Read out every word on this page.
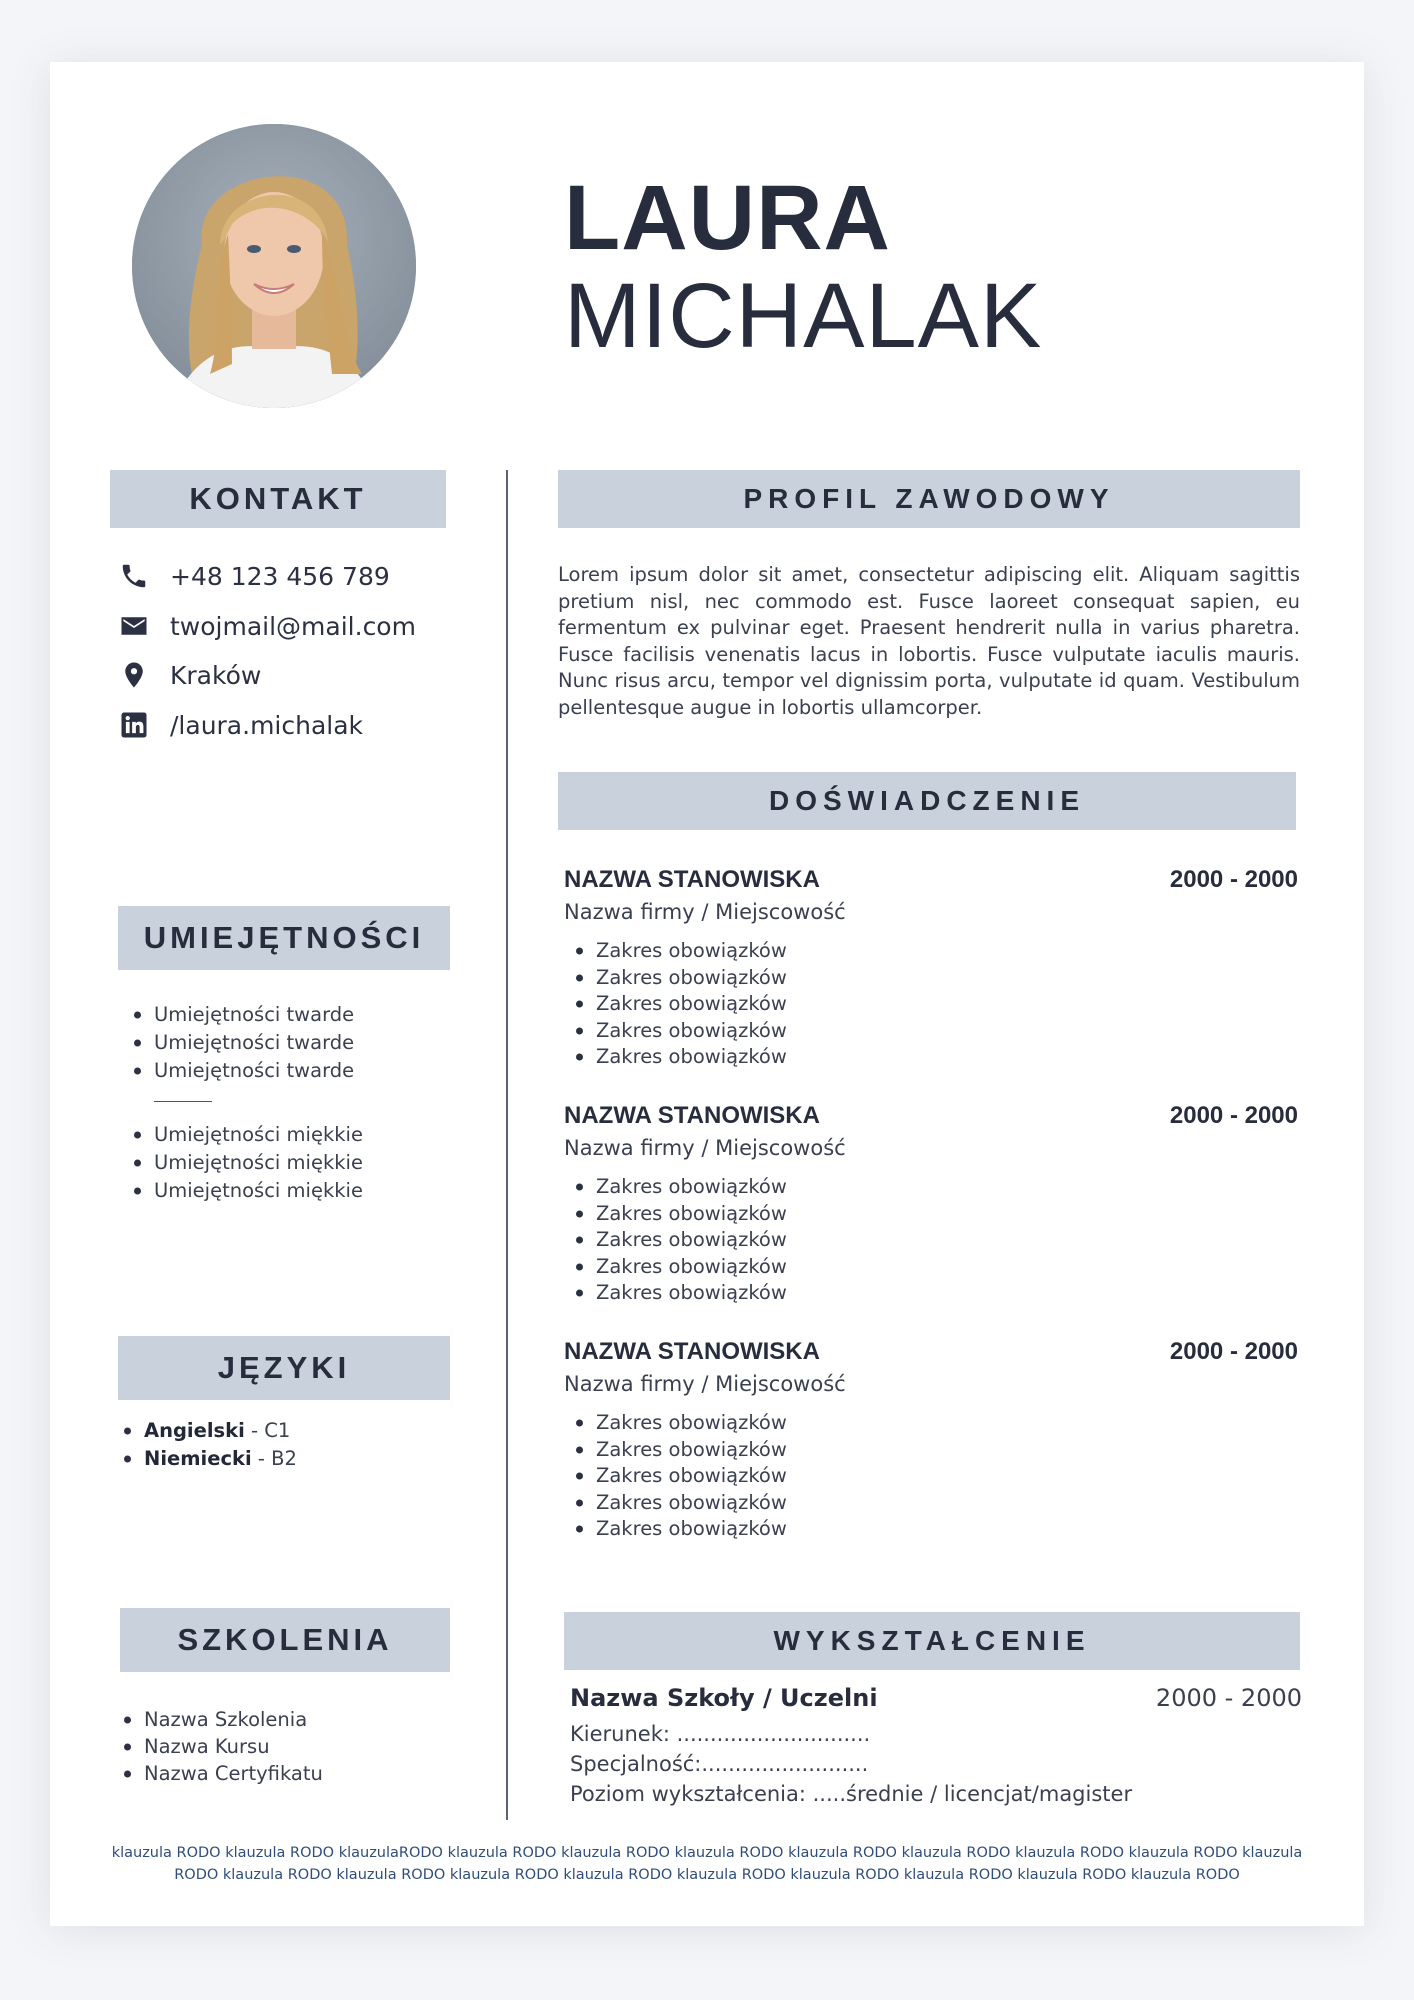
LAURA
MICHALAK
KONTAKT
+48 123 456 789
twojmail@mail.com
Kraków
/laura.michalak
UMIEJĘTNOŚCI
Umiejętności twarde
Umiejętności twarde
Umiejętności twarde
Umiejętności miękkie
Umiejętności miękkie
Umiejętności miękkie
JĘZYKI
Angielski - C1
Niemiecki - B2
SZKOLENIA
Nazwa Szkolenia
Nazwa Kursu
Nazwa Certyfikatu
PROFIL ZAWODOWY
Lorem ipsum dolor sit amet, consectetur adipiscing elit. Aliquam sagittis pretium nisl, nec commodo est. Fusce laoreet consequat sapien, eu fermentum ex pulvinar eget. Praesent hendrerit nulla in varius pharetra. Fusce facilisis venenatis lacus in lobortis. Fusce vulputate iaculis mauris. Nunc risus arcu, tempor vel dignissim porta, vulputate id quam. Vestibulum pellentesque augue in lobortis ullamcorper.
DOŚWIADCZENIE
NAZWA STANOWISKA	2000 - 2000
Nazwa firmy / Miejscowość
Zakres obowiązków
Zakres obowiązków
Zakres obowiązków
Zakres obowiązków
Zakres obowiązków
NAZWA STANOWISKA	2000 - 2000
Nazwa firmy / Miejscowość
Zakres obowiązków
Zakres obowiązków
Zakres obowiązków
Zakres obowiązków
Zakres obowiązków
NAZWA STANOWISKA	2000 - 2000
Nazwa firmy / Miejscowość
Zakres obowiązków
Zakres obowiązków
Zakres obowiązków
Zakres obowiązków
Zakres obowiązków
WYKSZTAŁCENIE
Nazwa Szkoły / Uczelni	2000 - 2000
Kierunek: .............................
Specjalność:.........................
Poziom wykształcenia: .....średnie / licencjat/magister
klauzula RODO klauzula RODO klauzulaRODO klauzula RODO klauzula RODO klauzula RODO klauzula RODO klauzula RODO klauzula RODO klauzula RODO klauzula RODO klauzula RODO klauzula RODO klauzula RODO klauzula RODO klauzula RODO klauzula RODO klauzula RODO klauzula RODO klauzula RODO
